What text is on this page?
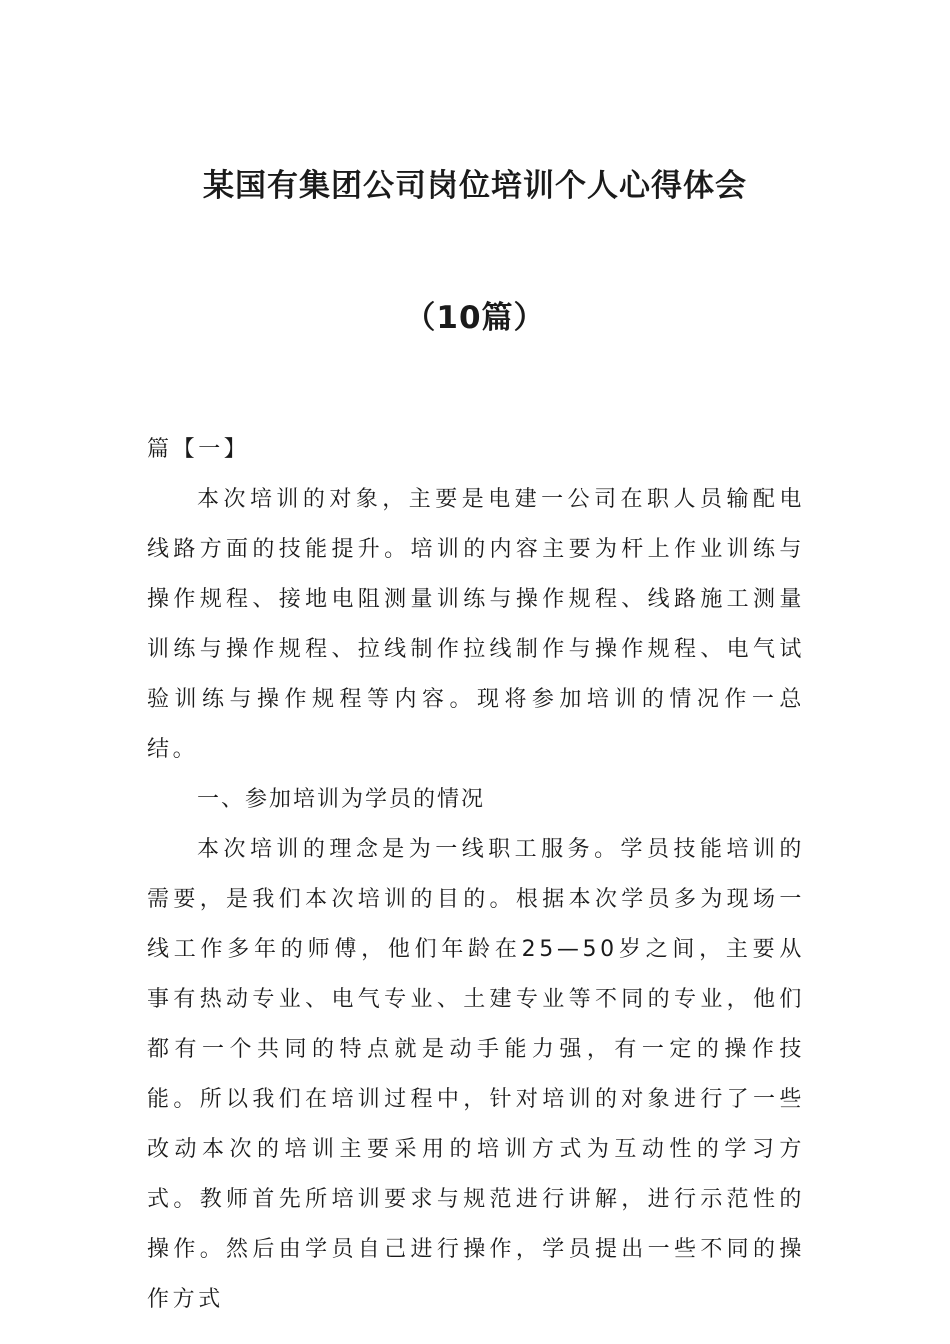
某国有集团公司岗位培训个人心得体会
（10篇）

篇【一】

本次培训的对象，主要是电建一公司在职人员输配电线路方面的技能提升。培训的内容主要为杆上作业训练与操作规程、接地电阻测量训练与操作规程、线路施工测量训练与操作规程、拉线制作拉线制作与操作规程、电气试验训练与操作规程等内容。现将参加培训的情况作一总结。

一、参加培训为学员的情况

本次培训的理念是为一线职工服务。学员技能培训的需要，是我们本次培训的目的。根据本次学员多为现场一线工作多年的师傅，他们年龄在25—50岁之间，主要从事有热动专业、电气专业、土建专业等不同的专业，他们都有一个共同的特点就是动手能力强，有一定的操作技能。所以我们在培训过程中，针对培训的对象进行了一些改动本次的培训主要采用的培训方式为互动性的学习方式。教师首先所培训要求与规范进行讲解，进行示范性的操作。然后由学员自己进行操作，学员提出一些不同的操作方式
